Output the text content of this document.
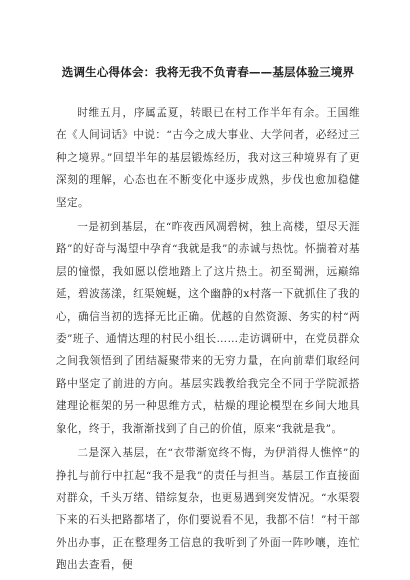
选调生心得体会：我将无我不负青春——基层体验三境界

时维五月，序属孟夏，转眼已在村工作半年有余。王国维在《人间词话》中说：“古今之成大事业、大学问者，必经过三种之境界。”回望半年的基层锻炼经历，我对这三种境界有了更深刻的理解，心态也在不断变化中逐步成熟，步伐也愈加稳健坚定。

一是初到基层，在“昨夜西风凋碧树，独上高楼，望尽天涯路”的好奇与渴望中孕育“我就是我”的赤诚与热忱。怀揣着对基层的憧憬，我如愿以偿地踏上了这片热土。初至蜀洲，远巅绵延，碧波荡漾，红渠婉蜒，这个幽静的x村落一下就抓住了我的心，确信当初的选择无比正确。优越的自然资源、务实的村“两委”班子、通情达理的村民小组长……走访调研中，在党员群众之间我领悟到了团结凝聚带来的无穷力量，在向前辈们取经问路中坚定了前进的方向。基层实践教给我完全不同于学院派搭建理论框架的另一种思维方式，枯燥的理论模型在乡间大地具象化，终于，我渐渐找到了自己的价值，原来“我就是我”。

二是深入基层，在“衣带渐宽终不悔，为伊消得人憔悴”的挣扎与前行中扛起“我不是我”的责任与担当。基层工作直接面对群众，千头万绪、错综复杂，也更易遇到突发情况。“水渠裂下来的石头把路都堵了，你们要说看不见，我都不信！”村干部外出办事，正在整理务工信息的我听到了外面一阵吵嚷，连忙跑出去查看，便
